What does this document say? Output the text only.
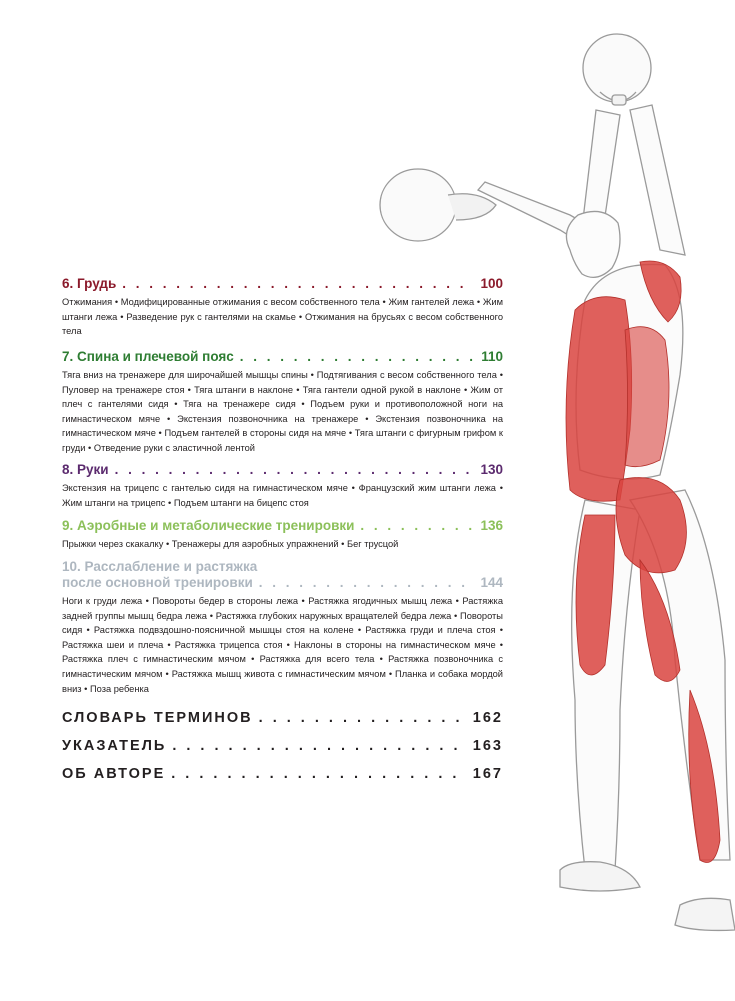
6. Грудь . . .	100
Отжимания • Модифицированные отжимания с весом собственного тела • Жим гантелей лежа • Жим штанги лежа • Разведение рук с гантелями на скамье • Отжимания на брусьях с весом собственного тела
7. Спина и плечевой пояс . . .	110
Тяга вниз на тренажере для широчайшей мышцы спины • Подтягивания с весом собственного тела • Пуловер на тренажере стоя • Тяга штанги в наклоне • Тяга гантели одной рукой в наклоне • Жим от плеч с гантелями сидя • Тяга на тренажере сидя • Подъем руки и противоположной ноги на гимнастическом мяче • Экстензия позвоночника на тренажере • Экстензия позвоночника на гимнастическом мяче • Подъем гантелей в стороны сидя на мяче • Тяга штанги с фигурным грифом к груди • Отведение руки с эластичной лентой
8. Руки . . .	130
Экстензия на трицепс с гантелью сидя на гимнастическом мяче • Французский жим штанги лежа • Жим штанги на трицепс • Подъем штанги на бицепс стоя
9. Аэробные и метаболические тренировки . . .	136
Прыжки через скакалку • Тренажеры для аэробных упражнений • Бег трусцой
10. Расслабление и растяжка
после основной тренировки . . .	144
Ноги к груди лежа • Повороты бедер в стороны лежа • Растяжка ягодичных мышц лежа • Растяжка задней группы мышц бедра лежа • Растяжка глубоких наружных вращателей бедра лежа • Повороты сидя • Растяжка подвздошно-поясничной мышцы стоя на колене • Растяжка груди и плеча стоя • Растяжка шеи и плеча • Растяжка трицепса стоя • Наклоны в стороны на гимнастическом мяче • Растяжка плеч с гимнастическим мячом • Растяжка для всего тела • Растяжка позвоночника с гимнастическим мячом • Растяжка мышц живота с гимнастическим мячом • Планка и собака мордой вниз • Поза ребенка
СЛОВАРЬ ТЕРМИНОВ . . .	162
УКАЗАТЕЛЬ . . .	163
ОБ АВТОРЕ . . .	167
